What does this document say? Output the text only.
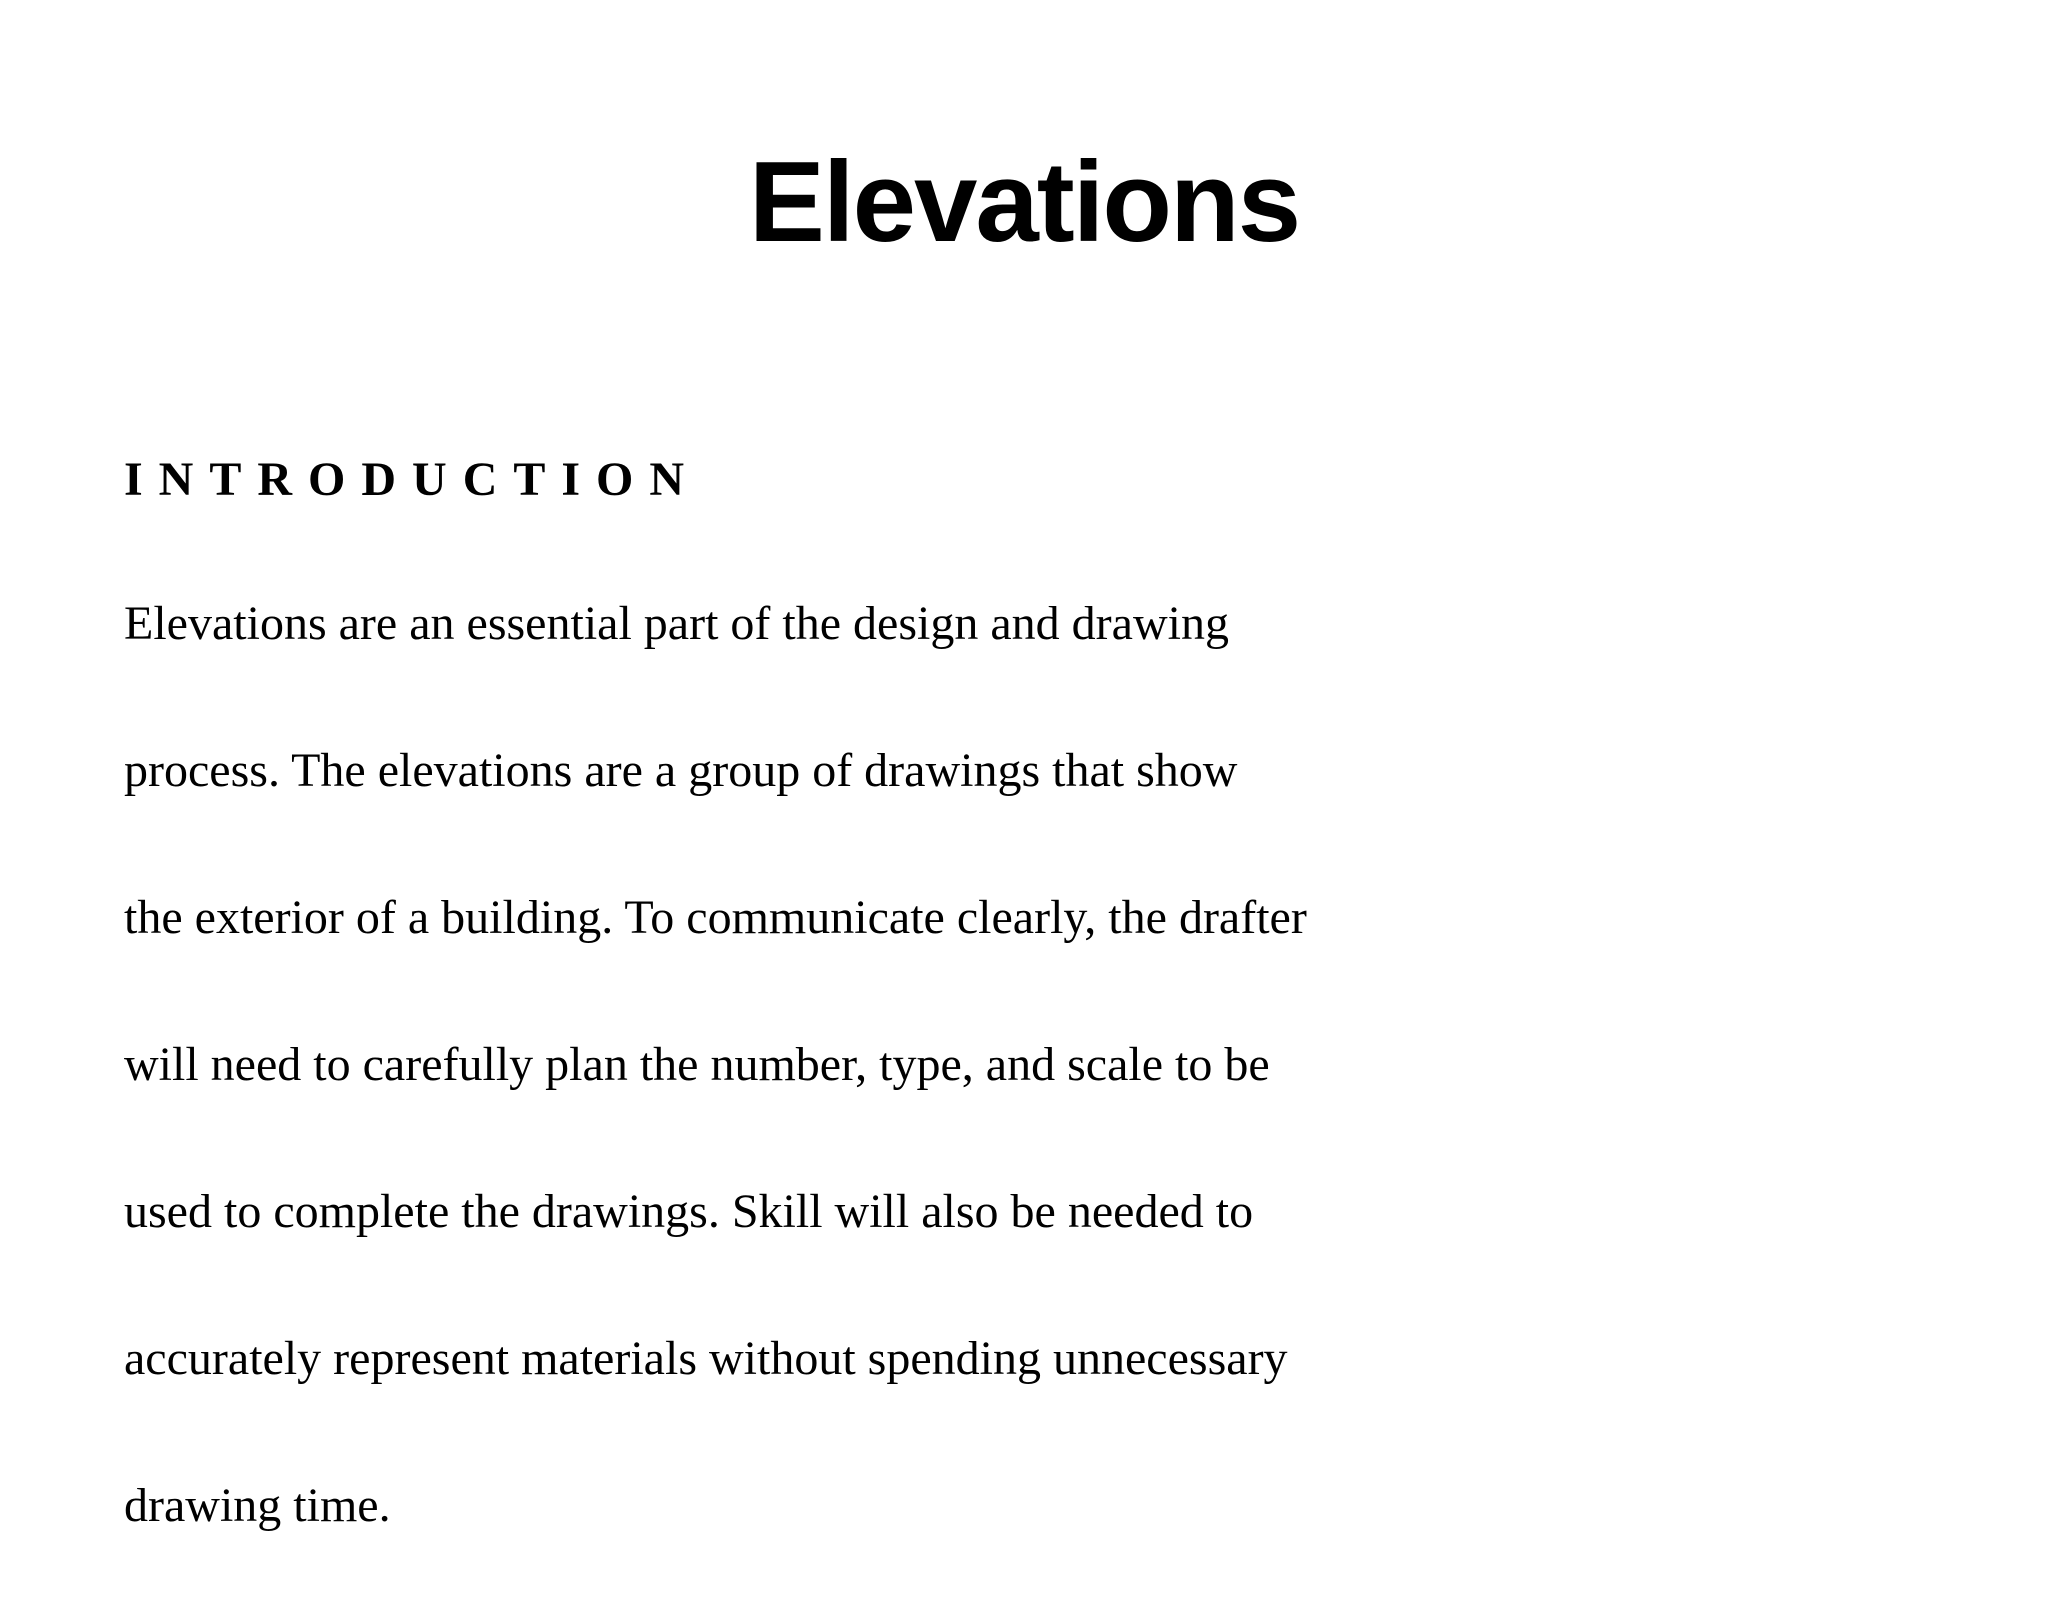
Elevations
INTRODUCTION
Elevations are an essential part of the design and drawing
process. The elevations are a group of drawings that show
the exterior of a building. To communicate clearly, the drafter
will need to carefully plan the number, type, and scale to be
used to complete the drawings. Skill will also be needed to
accurately represent materials without spending unnecessary
drawing time.
